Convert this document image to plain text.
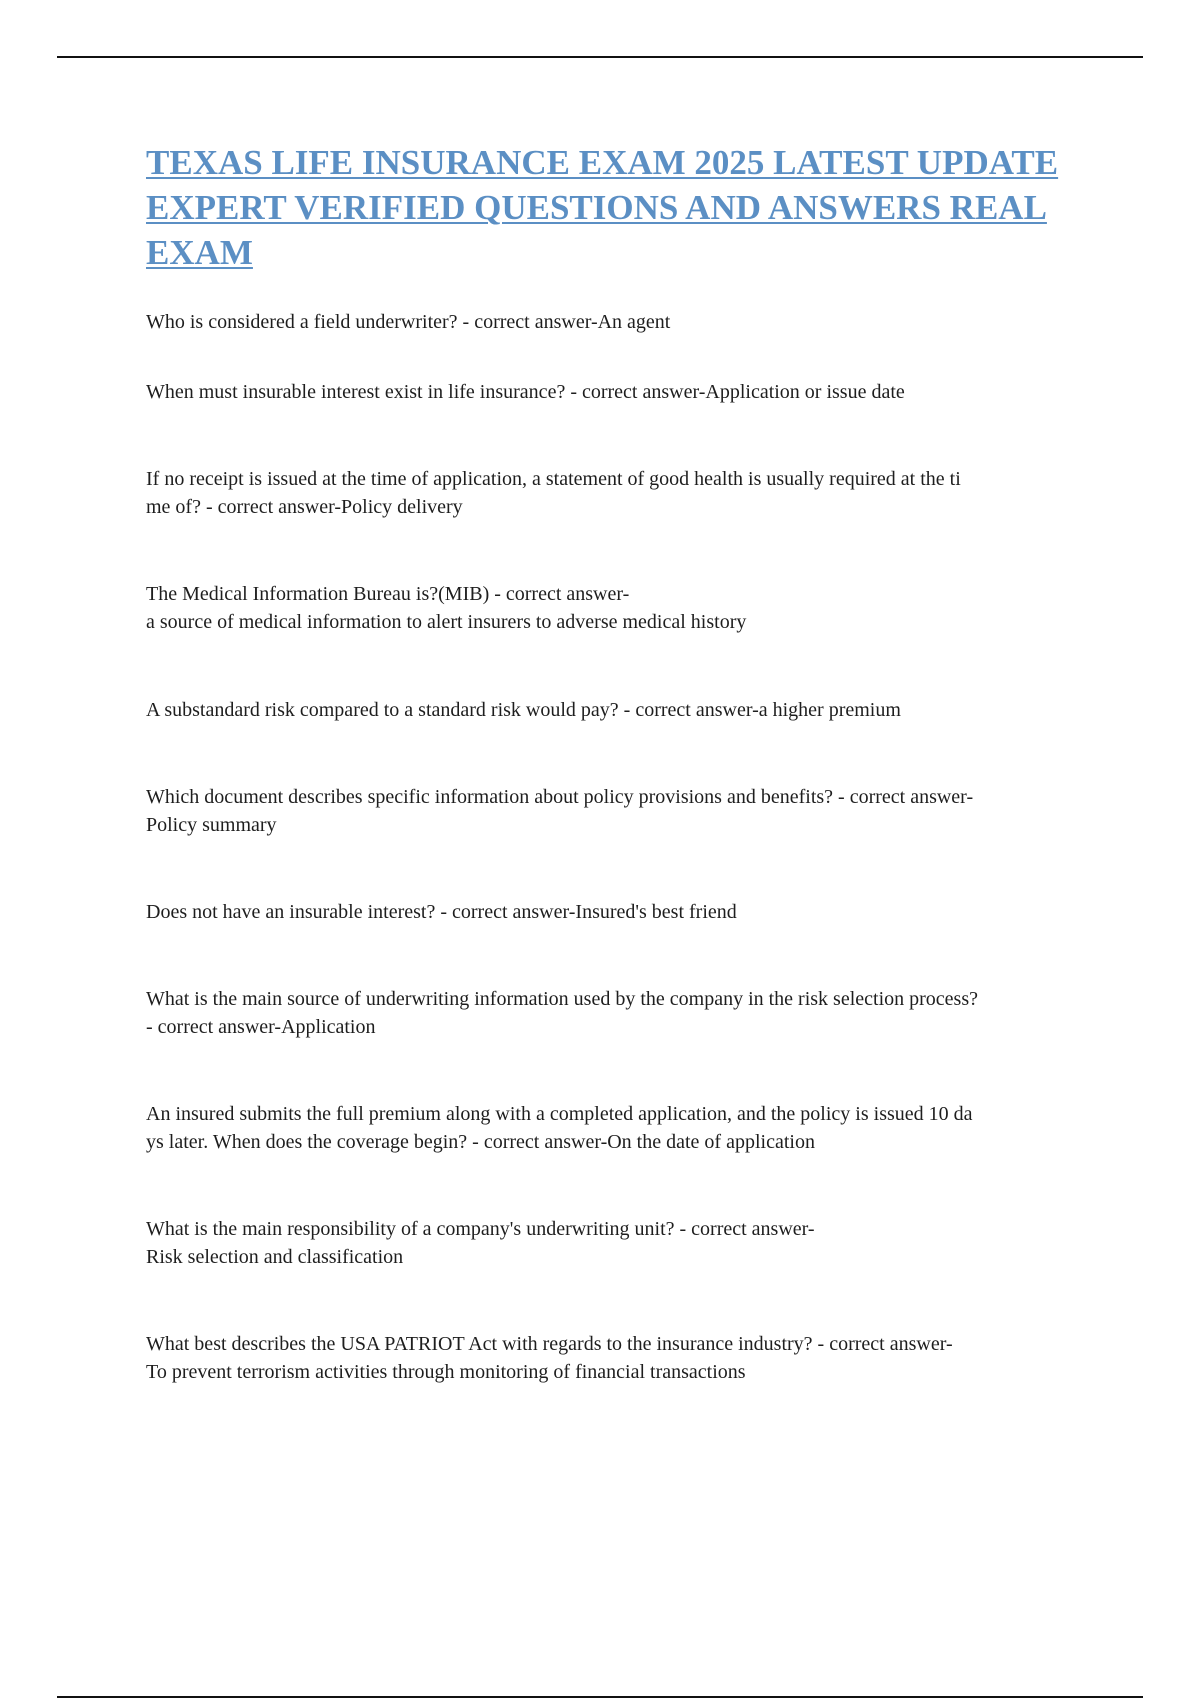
TEXAS LIFE INSURANCE EXAM 2025 LATEST UPDATE EXPERT VERIFIED QUESTIONS AND ANSWERS REAL EXAM
Who is considered a field underwriter? - correct answer-An agent
When must insurable interest exist in life insurance? - correct answer-Application or issue date
If no receipt is issued at the time of application, a statement of good health is usually required at the ti
me of? - correct answer-Policy delivery
The Medical Information Bureau is?(MIB) - correct answer-
a source of medical information to alert insurers to adverse medical history
A substandard risk compared to a standard risk would pay? - correct answer-a higher premium
Which document describes specific information about policy provisions and benefits? - correct answer-
Policy summary
Does not have an insurable interest? - correct answer-Insured's best friend
What is the main source of underwriting information used by the company in the risk selection process?
- correct answer-Application
An insured submits the full premium along with a completed application, and the policy is issued 10 da
ys later. When does the coverage begin? - correct answer-On the date of application
What is the main responsibility of a company's underwriting unit? - correct answer-
Risk selection and classification
What best describes the USA PATRIOT Act with regards to the insurance industry? - correct answer-
To prevent terrorism activities through monitoring of financial transactions
